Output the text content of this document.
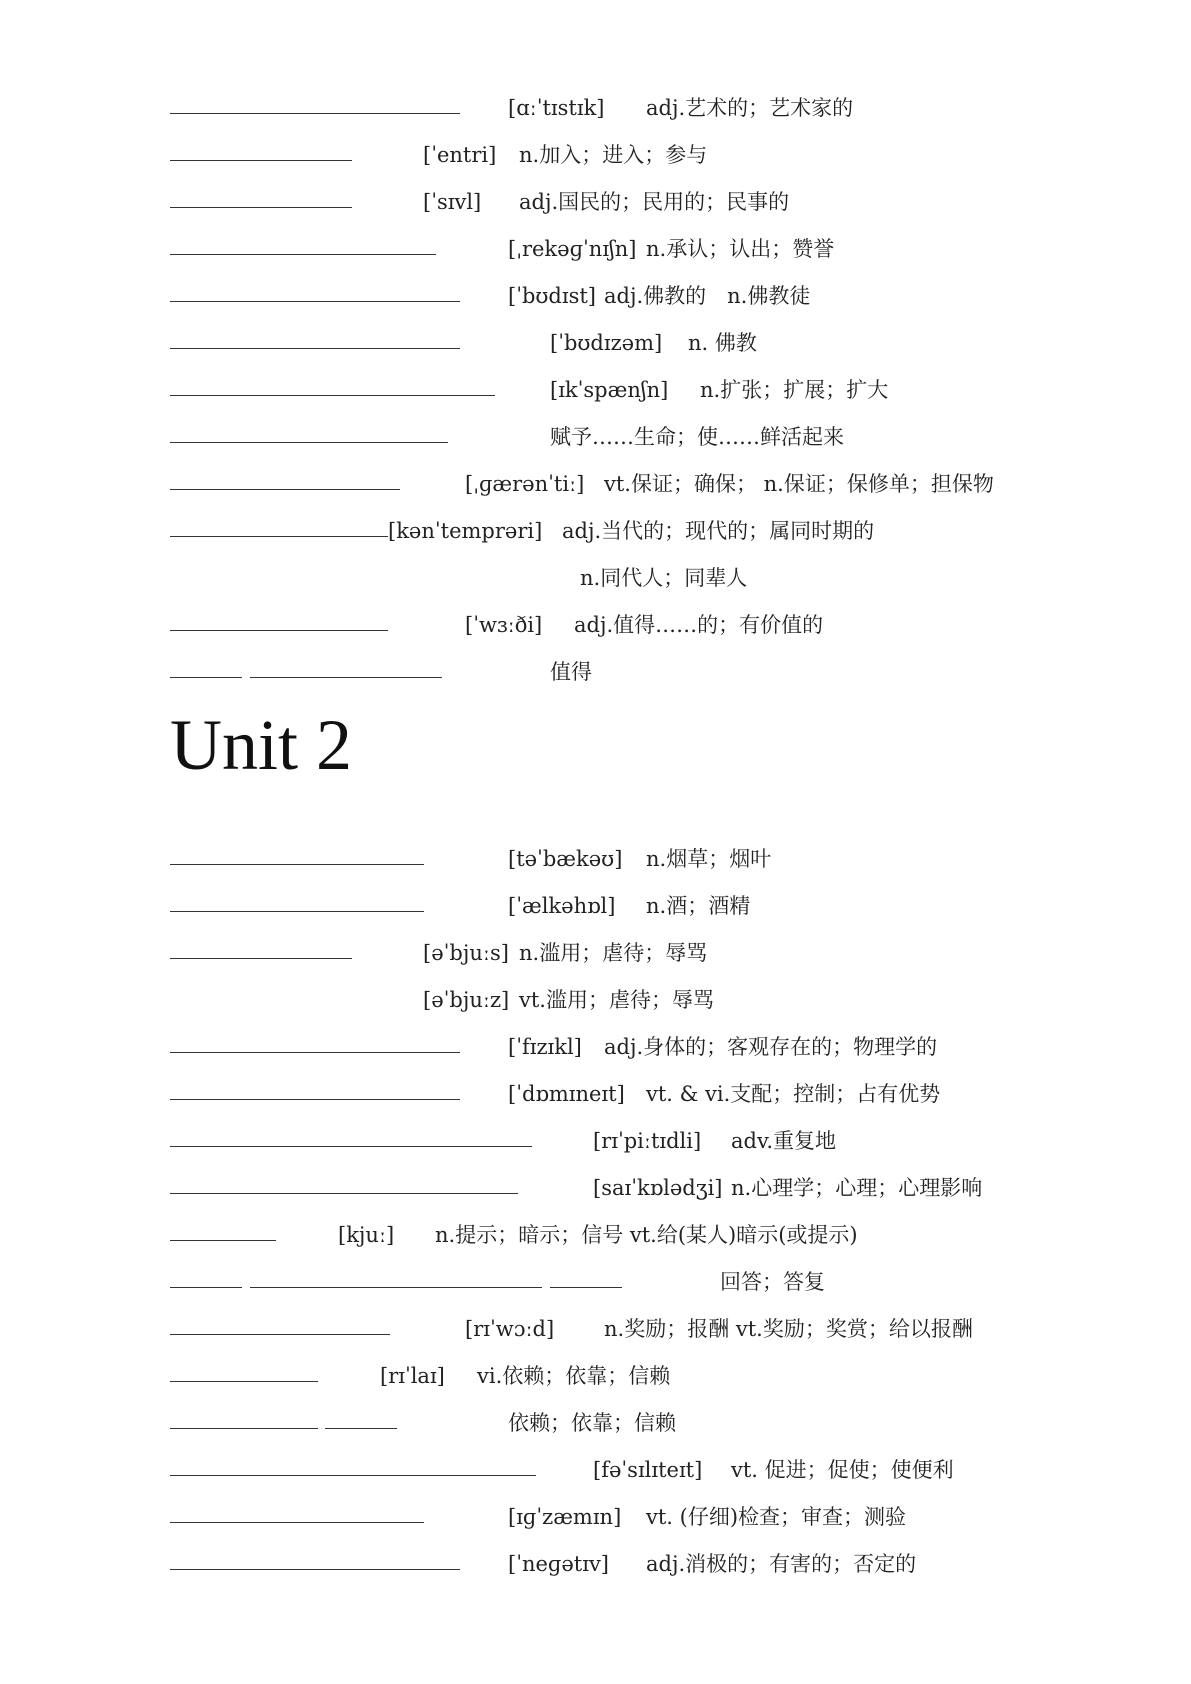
[ɑːˈtɪstɪk] adj.艺术的；艺术家的
[ˈentri] n.加入；进入；参与
[ˈsɪvl] adj.国民的；民用的；民事的
[ˌrekəɡˈnɪʃn] n.承认；认出；赞誉
[ˈbʊdɪst] adj.佛教的　n.佛教徒
[ˈbʊdɪzəm] n. 佛教
[ɪkˈspænʃn] n.扩张；扩展；扩大
赋予……生命；使……鲜活起来
[ˌɡærənˈtiː] vt.保证；确保； n.保证；保修单；担保物
[kənˈtemprəri] adj.当代的；现代的；属同时期的
n.同代人；同辈人
[ˈwɜːði] adj.值得……的；有价值的
值得
Unit 2
[təˈbækəʊ] n.烟草；烟叶
[ˈælkəhɒl] n.酒；酒精
[əˈbjuːs] n.滥用；虐待；辱骂
[əˈbjuːz] vt.滥用；虐待；辱骂
[ˈfɪzɪkl] adj.身体的；客观存在的；物理学的
[ˈdɒmɪneɪt] vt. & vi.支配；控制；占有优势
[rɪˈpiːtɪdli] adv.重复地
[saɪˈkɒlədʒi] n.心理学；心理；心理影响
[kjuː] n.提示；暗示；信号 vt.给(某人)暗示(或提示)
回答；答复
[rɪˈwɔːd] n.奖励；报酬 vt.奖励；奖赏；给以报酬
[rɪˈlaɪ] vi.依赖；依靠；信赖
依赖；依靠；信赖
[fəˈsɪlɪteɪt] vt. 促进；促使；使便利
[ɪɡˈzæmɪn] vt. (仔细)检查；审查；测验
[ˈneɡətɪv] adj.消极的；有害的；否定的
